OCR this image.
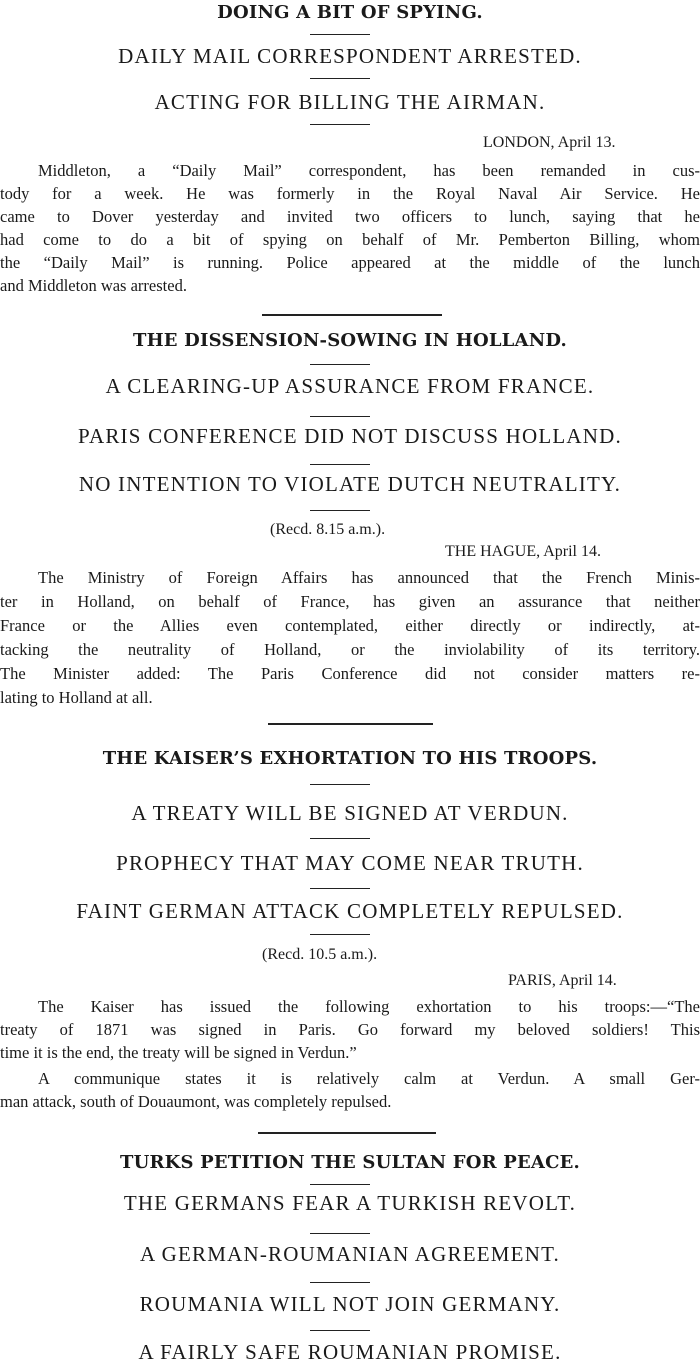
DOING A BIT OF SPYING.
DAILY MAIL CORRESPONDENT ARRESTED.
ACTING FOR BILLING THE AIRMAN.
LONDON, April 13.
Middleton, a “Daily Mail” correspondent, has been remanded in cus-
tody for a week. He was formerly in the Royal Naval Air Service. He
came to Dover yesterday and invited two officers to lunch, saying that he
had come to do a bit of spying on behalf of Mr. Pemberton Billing, whom
the “Daily Mail” is running. Police appeared at the middle of the lunch
and Middleton was arrested.
THE DISSENSION-SOWING IN HOLLAND.
A CLEARING-UP ASSURANCE FROM FRANCE.
PARIS CONFERENCE DID NOT DISCUSS HOLLAND.
NO INTENTION TO VIOLATE DUTCH NEUTRALITY.
(Recd. 8.15 a.m.).
THE HAGUE, April 14.
The Ministry of Foreign Affairs has announced that the French Minis-
ter in Holland, on behalf of France, has given an assurance that neither
France or the Allies even contemplated, either directly or indirectly, at-
tacking the neutrality of Holland, or the inviolability of its territory.
The Minister added: The Paris Conference did not consider matters re-
lating to Holland at all.
THE KAISER’S EXHORTATION TO HIS TROOPS.
A TREATY WILL BE SIGNED AT VERDUN.
PROPHECY THAT MAY COME NEAR TRUTH.
FAINT GERMAN ATTACK COMPLETELY REPULSED.
(Recd. 10.5 a.m.).
PARIS, April 14.
The Kaiser has issued the following exhortation to his troops:—“The
treaty of 1871 was signed in Paris. Go forward my beloved soldiers! This
time it is the end, the treaty will be signed in Verdun.”
A communique states it is relatively calm at Verdun. A small Ger-
man attack, south of Douaumont, was completely repulsed.
TURKS PETITION THE SULTAN FOR PEACE.
THE GERMANS FEAR A TURKISH REVOLT.
A GERMAN-ROUMANIAN AGREEMENT.
ROUMANIA WILL NOT JOIN GERMANY.
A FAIRLY SAFE ROUMANIAN PROMISE.
